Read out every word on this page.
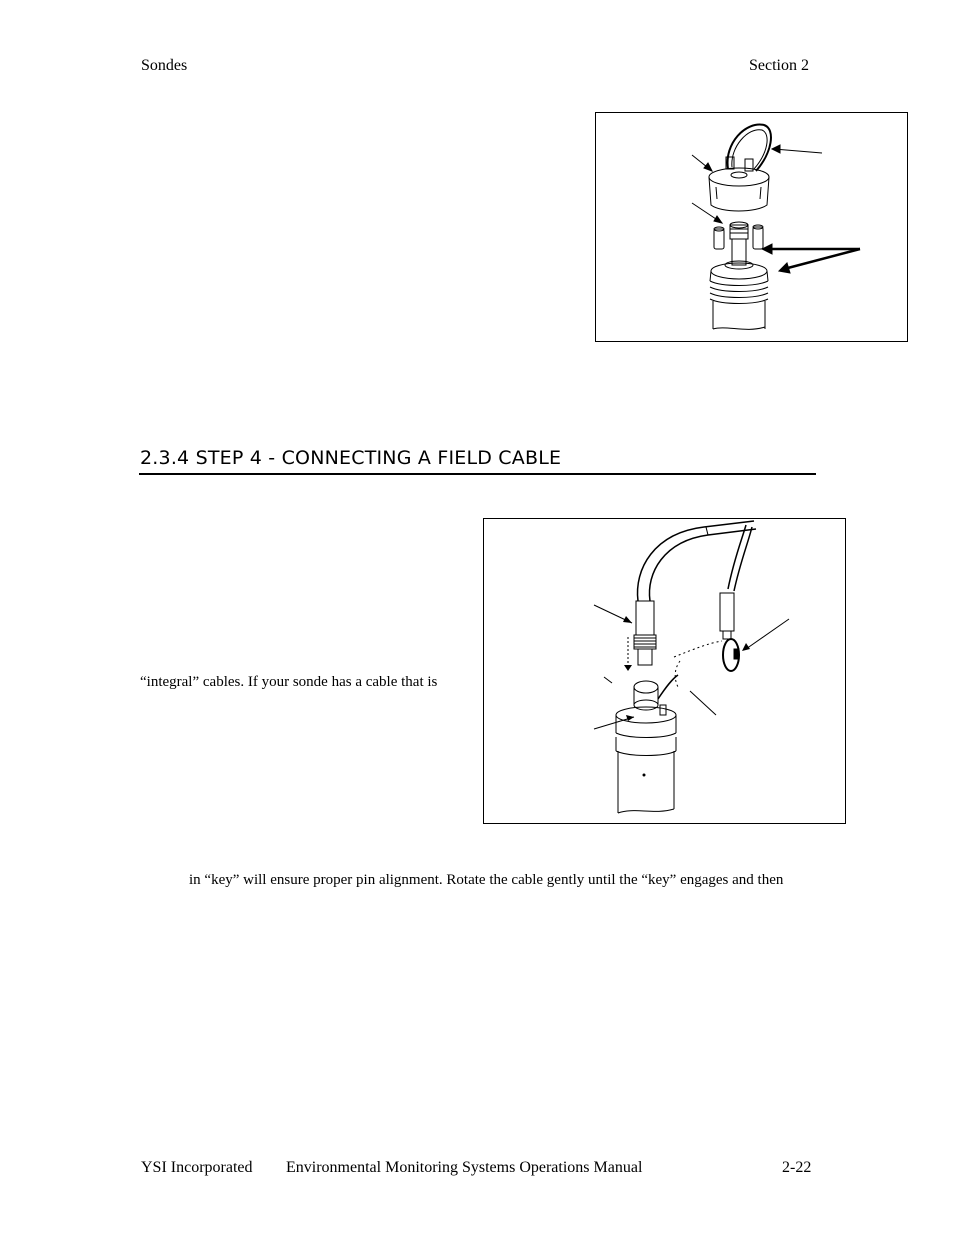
Sondes	Section 2
2.3.4 STEP 4 - CONNECTING A FIELD CABLE
“integral” cables. If your sonde has a cable that is
in “key” will ensure proper pin alignment. Rotate the cable gently until the “key” engages and then
YSI Incorporated Environmental Monitoring Systems Operations Manual	2-22
